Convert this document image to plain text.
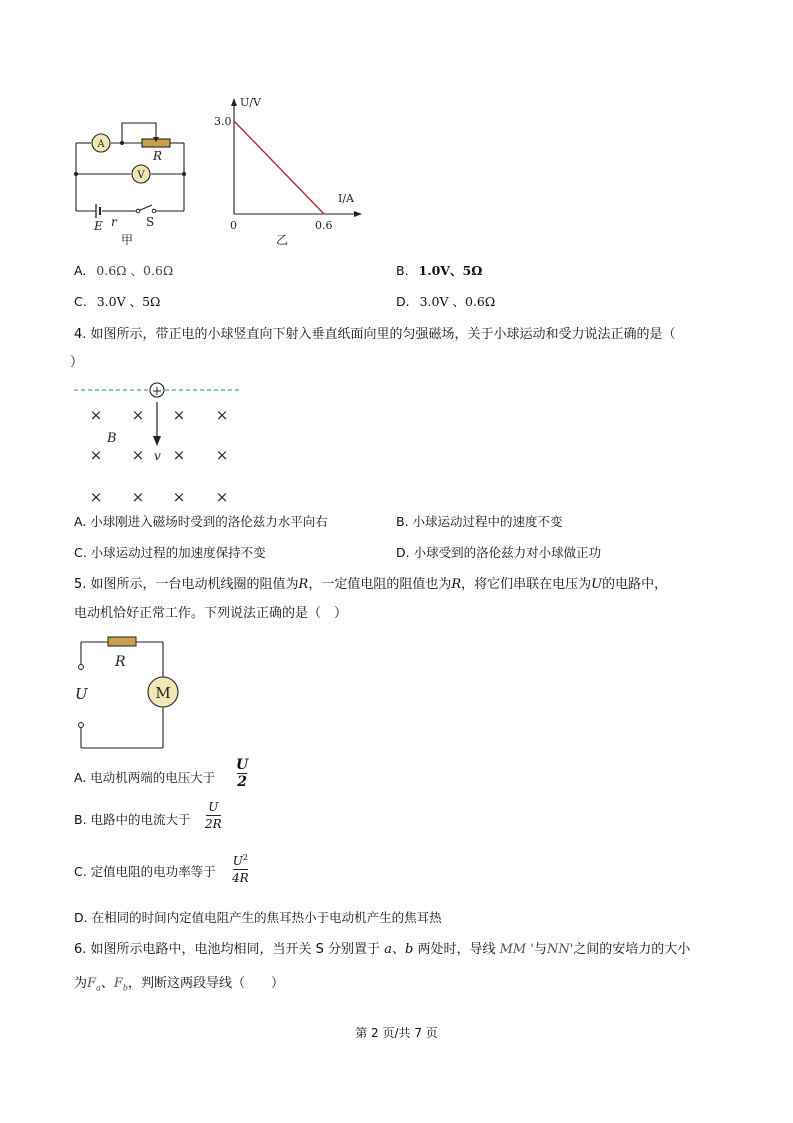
A
V
R
E r S
甲
U/V
I/A
3.0
0	0.6
乙
A. 0.6Ω 、0.6Ω	B. 1.0V、5Ω
C. 3.0V 、5Ω	D. 3.0V 、0.6Ω
4. 如图所示，带正电的小球竖直向下射入垂直纸面向里的匀强磁场，关于小球运动和受力说法正确的是（
）
+
v
B
× × × ×
× × × ×
× × × ×
A. 小球刚进入磁场时受到的洛伦兹力水平向右	B. 小球运动过程中的速度不变
C. 小球运动过程的加速度保持不变	D. 小球受到的洛伦兹力对小球做正功
5. 如图所示，一台电动机线圈的阻值为R，一定值电阻的阻值也为R，将它们串联在电压为U的电路中，
电动机恰好正常工作。下列说法正确的是（　）
M
R
U
A. 电动机两端的电压大于
U
2
B. 电路中的电流大于
U
2R
C. 定值电阻的电功率等于
$U^2$
4R
D. 在相同的时间内定值电阻产生的焦耳热小于电动机产生的焦耳热
6. 如图所示电路中，电池均相同，当开关 S 分别置于 a、b 两处时，导线 MM '与NN'之间的安培力的大小
为$F_a$、$F_b$，判断这两段导线（　　）
第 2 页/共 7 页
